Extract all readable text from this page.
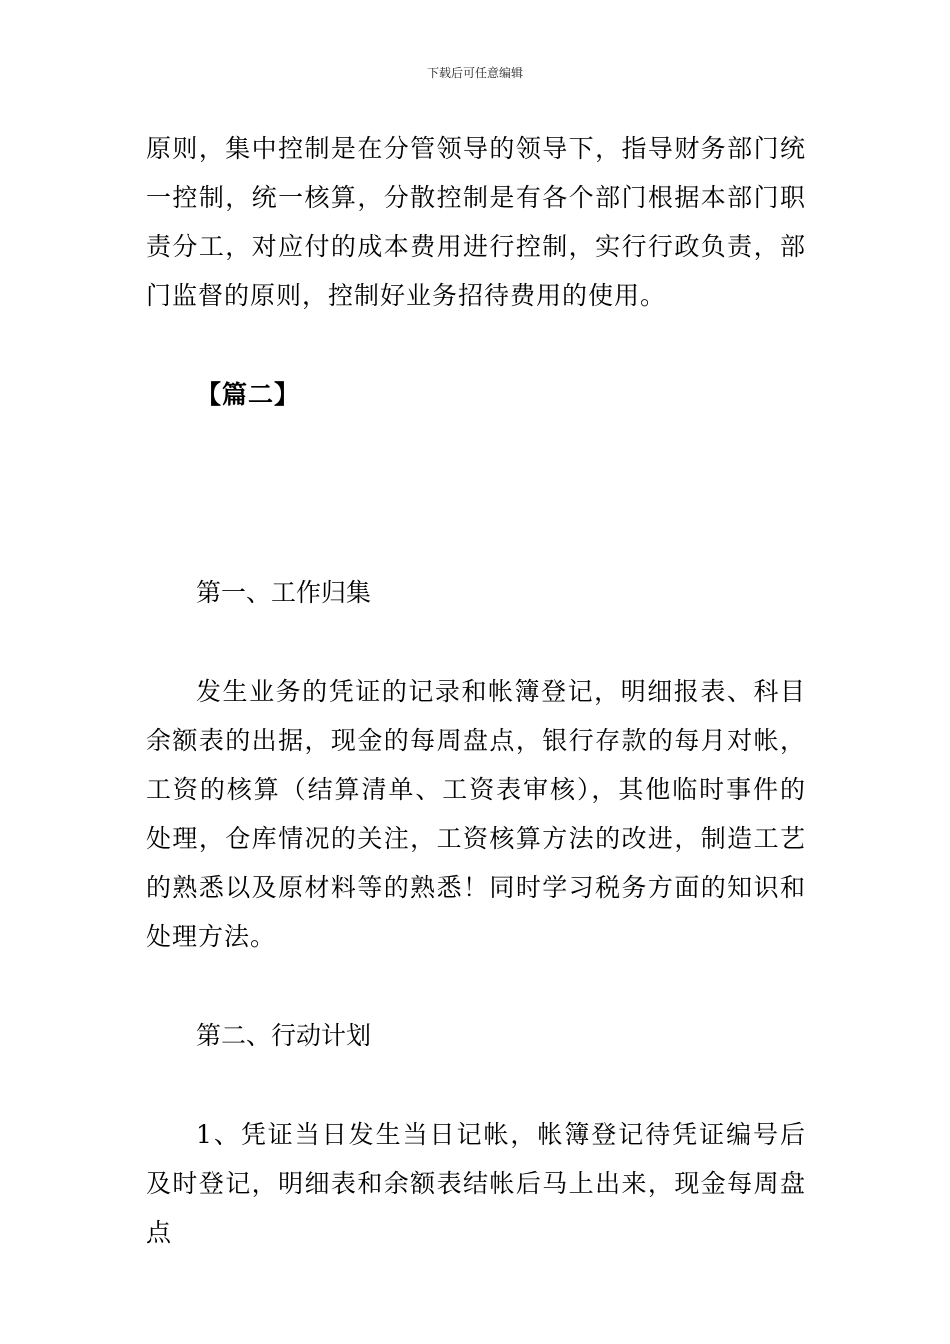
下载后可任意编辑

原则，集中控制是在分管领导的领导下，指导财务部门统一控制，统一核算，分散控制是有各个部门根据本部门职责分工，对应付的成本费用进行控制，实行行政负责，部门监督的原则，控制好业务招待费用的使用。

【篇二】

第一、工作归集

发生业务的凭证的记录和帐簿登记，明细报表、科目余额表的出据，现金的每周盘点，银行存款的每月对帐，工资的核算（结算清单、工资表审核），其他临时事件的处理，仓库情况的关注，工资核算方法的改进，制造工艺的熟悉以及原材料等的熟悉！同时学习税务方面的知识和处理方法。

第二、行动计划

1、凭证当日发生当日记帐，帐簿登记待凭证编号后及时登记，明细表和余额表结帐后马上出来，现金每周盘点
